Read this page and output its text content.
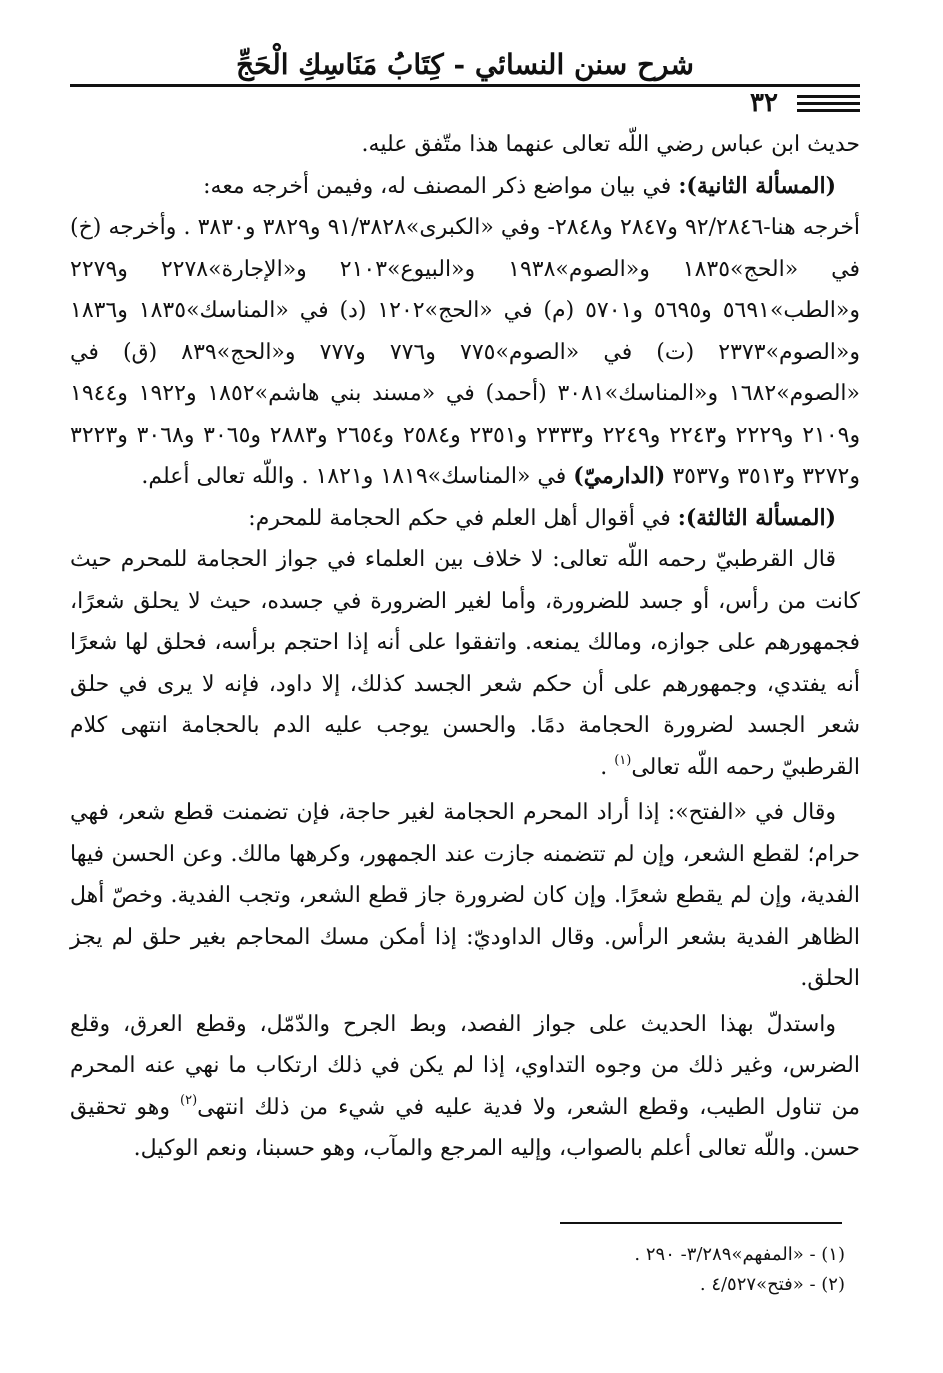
شرح سنن النسائي - كِتَابُ مَنَاسِكِ الْحَجِّ
٣٢

حديث ابن عباس رضي اللّه تعالى عنهما هذا متّفق عليه.

(المسألة الثانية): في بيان مواضع ذكر المصنف له، وفيمن أخرجه معه:

أخرجه هنا-٩٢/٢٨٤٦ و٢٨٤٧ و٢٨٤٨- وفي «الكبرى»٩١/٣٨٢٨ و٣٨٢٩ و٣٨٣٠ . وأخرجه (خ) في «الحج»١٨٣٥ و«الصوم»١٩٣٨ و«البيوع»٢١٠٣ و«الإجارة»٢٢٧٨ و٢٢٧٩ و«الطب»٥٦٩١ و٥٦٩٥ و٥٧٠١ (م) في «الحج»١٢٠٢ (د) في «المناسك»١٨٣٥ و١٨٣٦ و«الصوم»٢٣٧٣ (ت) في «الصوم»٧٧٥ و٧٧٦ و٧٧٧ و«الحج»٨٣٩ (ق) في «الصوم»١٦٨٢ و«المناسك»٣٠٨١ (أحمد) في «مسند بني هاشم»١٨٥٢ و١٩٢٢ و١٩٤٤ و٢١٠٩ و٢٢٢٩ و٢٢٤٣ و٢٢٤٩ و٢٣٣٣ و٢٣٥١ و٢٥٨٤ و٢٦٥٤ و٢٨٨٣ و٣٠٦٥ و٣٠٦٨ و٣٢٢٣ و٣٢٧٢ و٣٥١٣ و٣٥٣٧ (الدارميّ) في «المناسك»١٨١٩ و١٨٢١ . واللّه تعالى أعلم.

(المسألة الثالثة): في أقوال أهل العلم في حكم الحجامة للمحرم:

قال القرطبيّ رحمه اللّه تعالى: لا خلاف بين العلماء في جواز الحجامة للمحرم حيث كانت من رأس، أو جسد للضرورة، وأما لغير الضرورة في جسده، حيث لا يحلق شعرًا، فجمهورهم على جوازه، ومالك يمنعه. واتفقوا على أنه إذا احتجم برأسه، فحلق لها شعرًا أنه يفتدي، وجمهورهم على أن حكم شعر الجسد كذلك، إلا داود، فإنه لا يرى في حلق شعر الجسد لضرورة الحجامة دمًا. والحسن يوجب عليه الدم بالحجامة انتهى كلام القرطبيّ رحمه اللّه تعالى$^{(١)}$ .

وقال في «الفتح»: إذا أراد المحرم الحجامة لغير حاجة، فإن تضمنت قطع شعر، فهي حرام؛ لقطع الشعر، وإن لم تتضمنه جازت عند الجمهور، وكرهها مالك. وعن الحسن فيها الفدية، وإن لم يقطع شعرًا. وإن كان لضرورة جاز قطع الشعر، وتجب الفدية. وخصّ أهل الظاهر الفدية بشعر الرأس. وقال الداوديّ: إذا أمكن مسك المحاجم بغير حلق لم يجز الحلق.

واستدلّ بهذا الحديث على جواز الفصد، وبط الجرح والدّمّل، وقطع العرق، وقلع الضرس، وغير ذلك من وجوه التداوي، إذا لم يكن في ذلك ارتكاب ما نهي عنه المحرم من تناول الطيب، وقطع الشعر، ولا فدية عليه في شيء من ذلك انتهى$^{(٢)}$ وهو تحقيق حسن. واللّه تعالى أعلم بالصواب، وإليه المرجع والمآب، وهو حسبنا، ونعم الوكيل.

(١) - «المفهم»٣/٢٨٩- ٢٩٠ .

(٢) - «فتح»٤/٥٢٧ .
